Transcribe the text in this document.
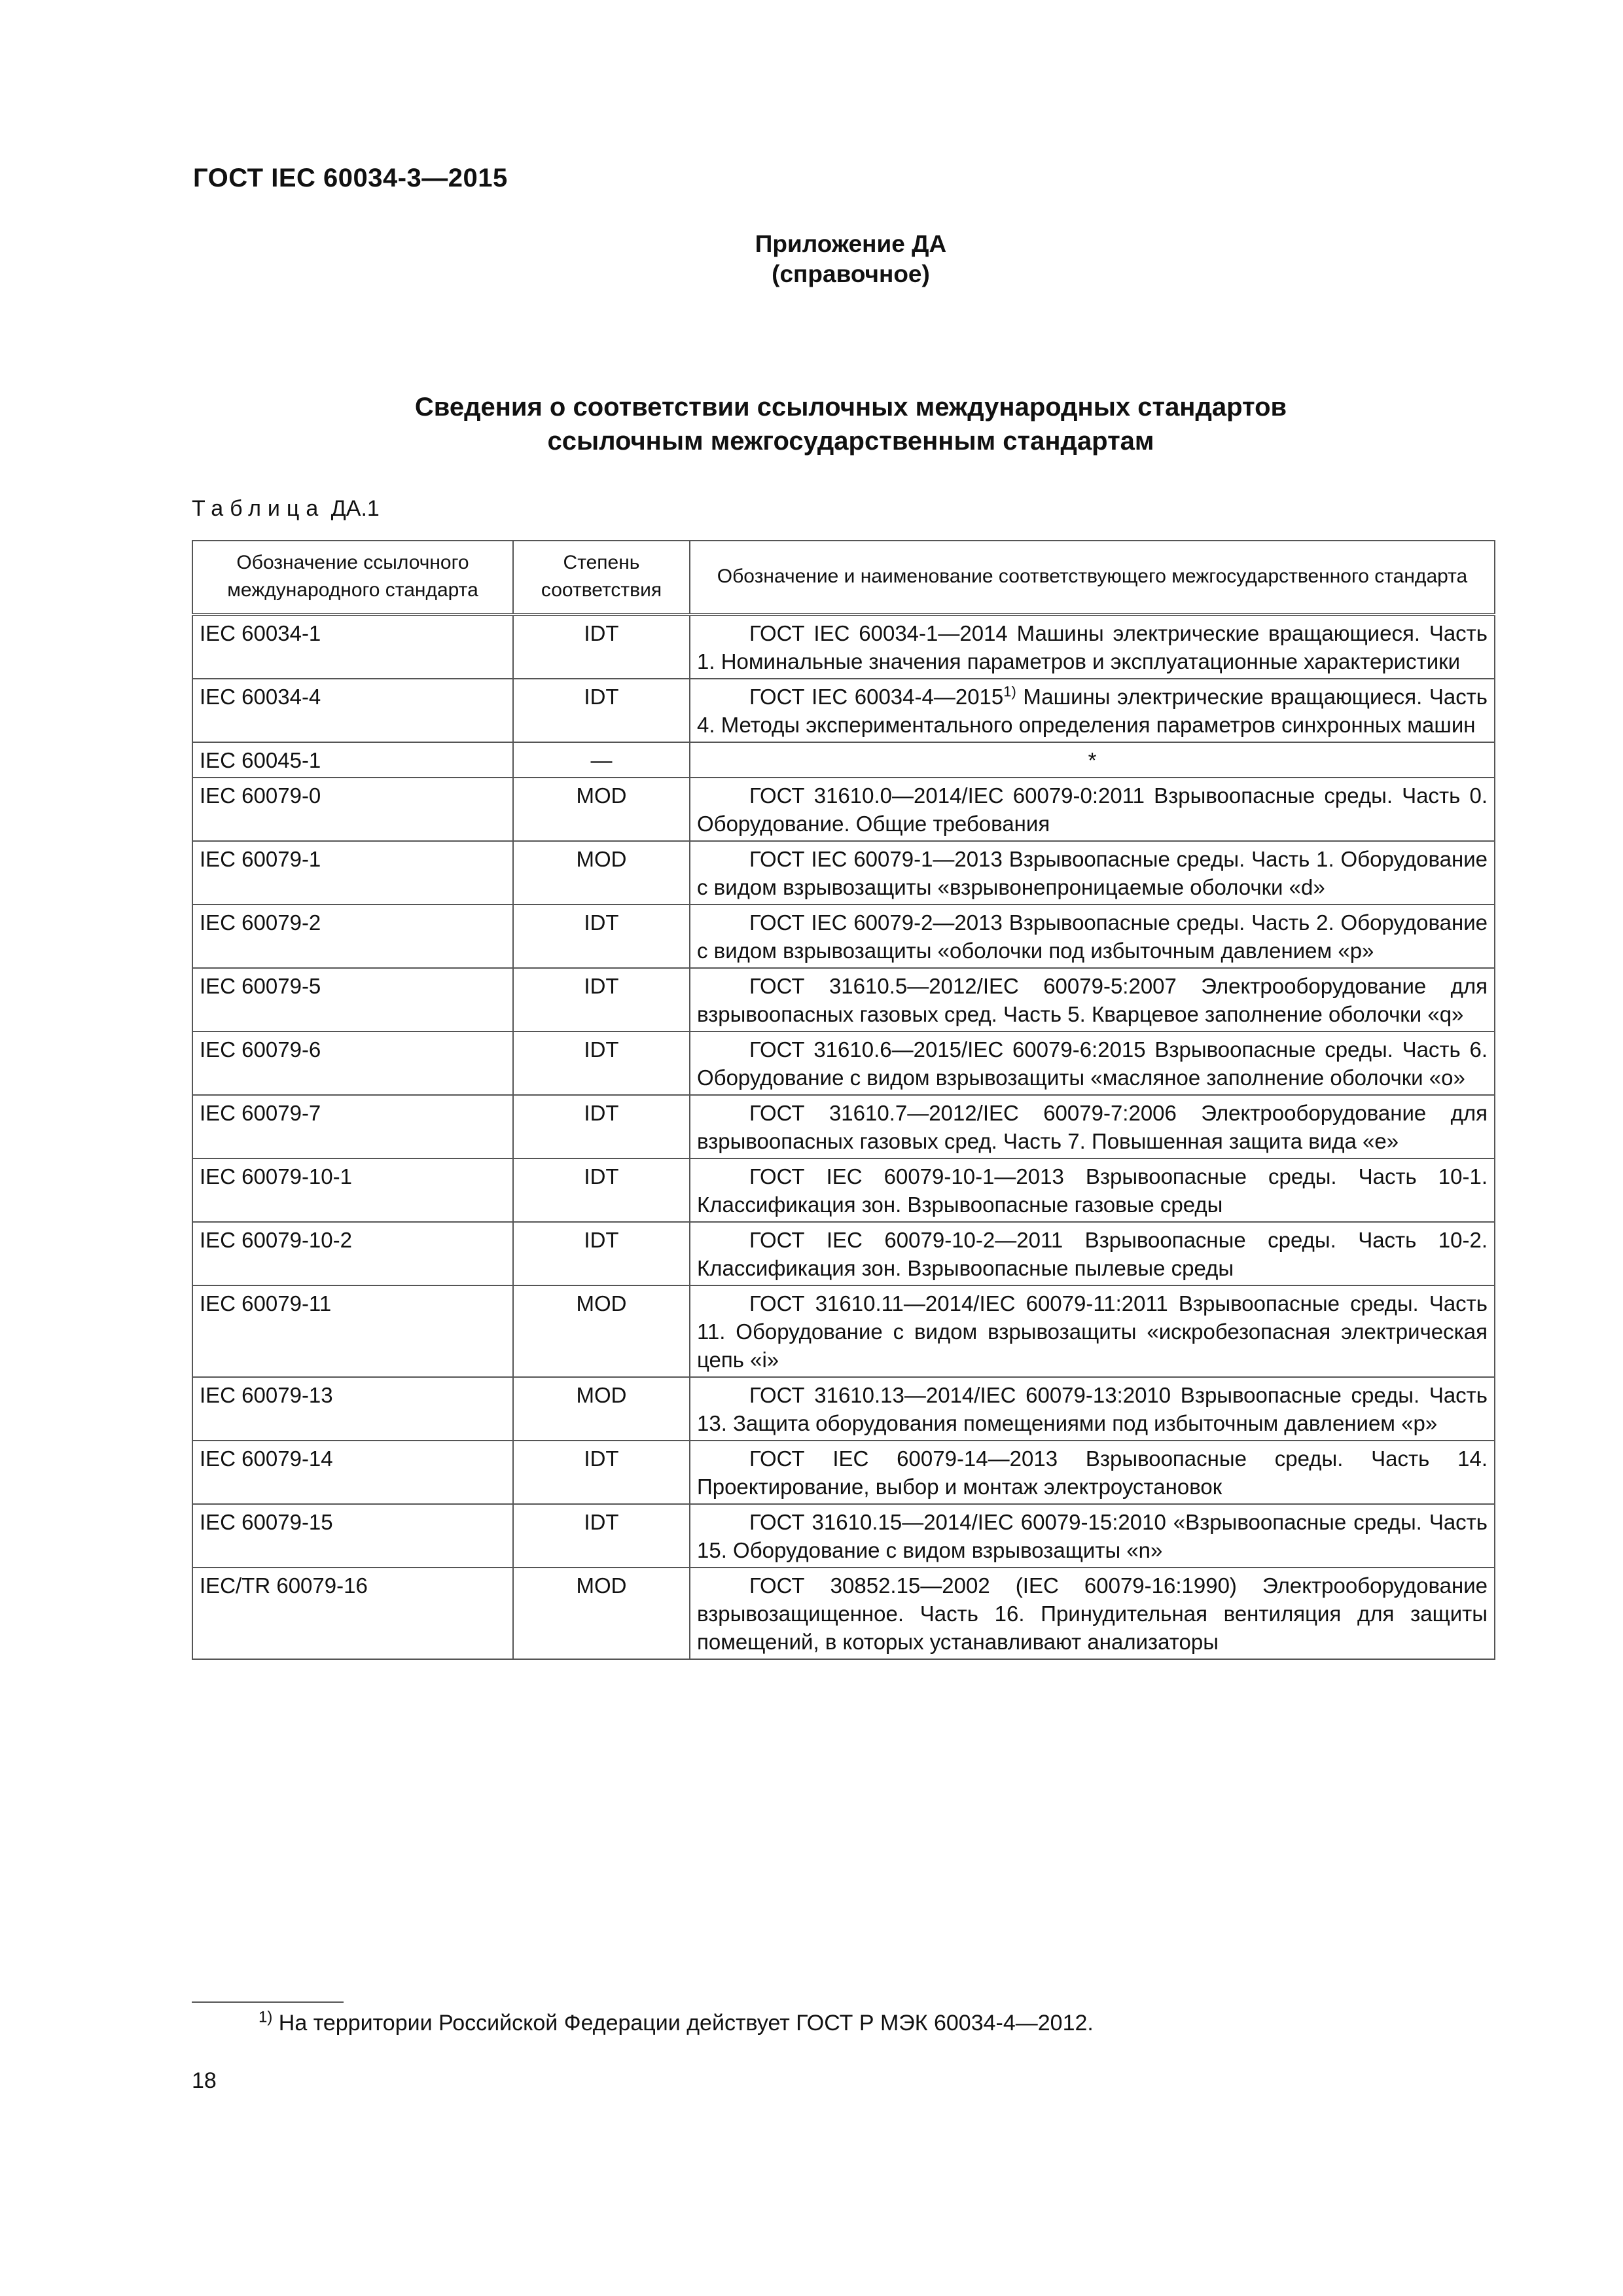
ГОСТ IEC 60034-3—2015
Приложение ДА
(справочное)
Сведения о соответствии ссылочных международных стандартов
ссылочным межгосударственным стандартам
Таблица ДА.1
Обозначение ссылочного международного стандарта	Степень соответствия	Обозначение и наименование соответствующего межгосударственного стандарта
IEC 60034-1	IDT	ГОСТ IEC 60034-1—2014 Машины электрические вращающиеся. Часть 1. Номинальные значения параметров и эксплуатационные характеристики
IEC 60034-4	IDT	ГОСТ IEC 60034-4—2015$^{1)}$ Машины электрические вращающиеся. Часть 4. Методы экспериментального определения параметров синхронных машин
IEC 60045-1	—	*
IEC 60079-0	MOD	ГОСТ 31610.0—2014/IEC 60079-0:2011 Взрывоопасные среды. Часть 0. Оборудование. Общие требования
IEC 60079-1	MOD	ГОСТ IEC 60079-1—2013 Взрывоопасные среды. Часть 1. Оборудование с видом взрывозащиты «взрывонепроницаемые оболочки «d»
IEC 60079-2	IDT	ГОСТ IEC 60079-2—2013 Взрывоопасные среды. Часть 2. Оборудование с видом взрывозащиты «оболочки под избыточным давлением «p»
IEC 60079-5	IDT	ГОСТ 31610.5—2012/IEC 60079-5:2007 Электрооборудование для взрывоопасных газовых сред. Часть 5. Кварцевое заполнение оболочки «q»
IEC 60079-6	IDT	ГОСТ 31610.6—2015/IEC 60079-6:2015 Взрывоопасные среды. Часть 6. Оборудование с видом взрывозащиты «масляное заполнение оболочки «o»
IEC 60079-7	IDT	ГОСТ 31610.7—2012/IEC 60079-7:2006 Электрооборудование для взрывоопасных газовых сред. Часть 7. Повышенная защита вида «e»
IEC 60079-10-1	IDT	ГОСТ IEC 60079-10-1—2013 Взрывоопасные среды. Часть 10-1. Классификация зон. Взрывоопасные газовые среды
IEC 60079-10-2	IDT	ГОСТ IEC 60079-10-2—2011 Взрывоопасные среды. Часть 10-2. Классификация зон. Взрывоопасные пылевые среды
IEC 60079-11	MOD	ГОСТ 31610.11—2014/IEC 60079-11:2011 Взрывоопасные среды. Часть 11. Оборудование с видом взрывозащиты «искробезопасная электрическая цепь «i»
IEC 60079-13	MOD	ГОСТ 31610.13—2014/IEC 60079-13:2010 Взрывоопасные среды. Часть 13. Защита оборудования помещениями под избыточным давлением «p»
IEC 60079-14	IDT	ГОСТ IEC 60079-14—2013 Взрывоопасные среды. Часть 14. Проектирование, выбор и монтаж электроустановок
IEC 60079-15	IDT	ГОСТ 31610.15—2014/IEC 60079-15:2010 «Взрывоопасные среды. Часть 15. Оборудование с видом взрывозащиты «n»
IEC/TR 60079-16	MOD	ГОСТ 30852.15—2002 (IEC 60079-16:1990) Электрооборудование взрывозащищенное. Часть 16. Принудительная вентиляция для защиты помещений, в которых устанавливают анализаторы
$^{1)}$ На территории Российской Федерации действует ГОСТ Р МЭК 60034-4—2012.
18
